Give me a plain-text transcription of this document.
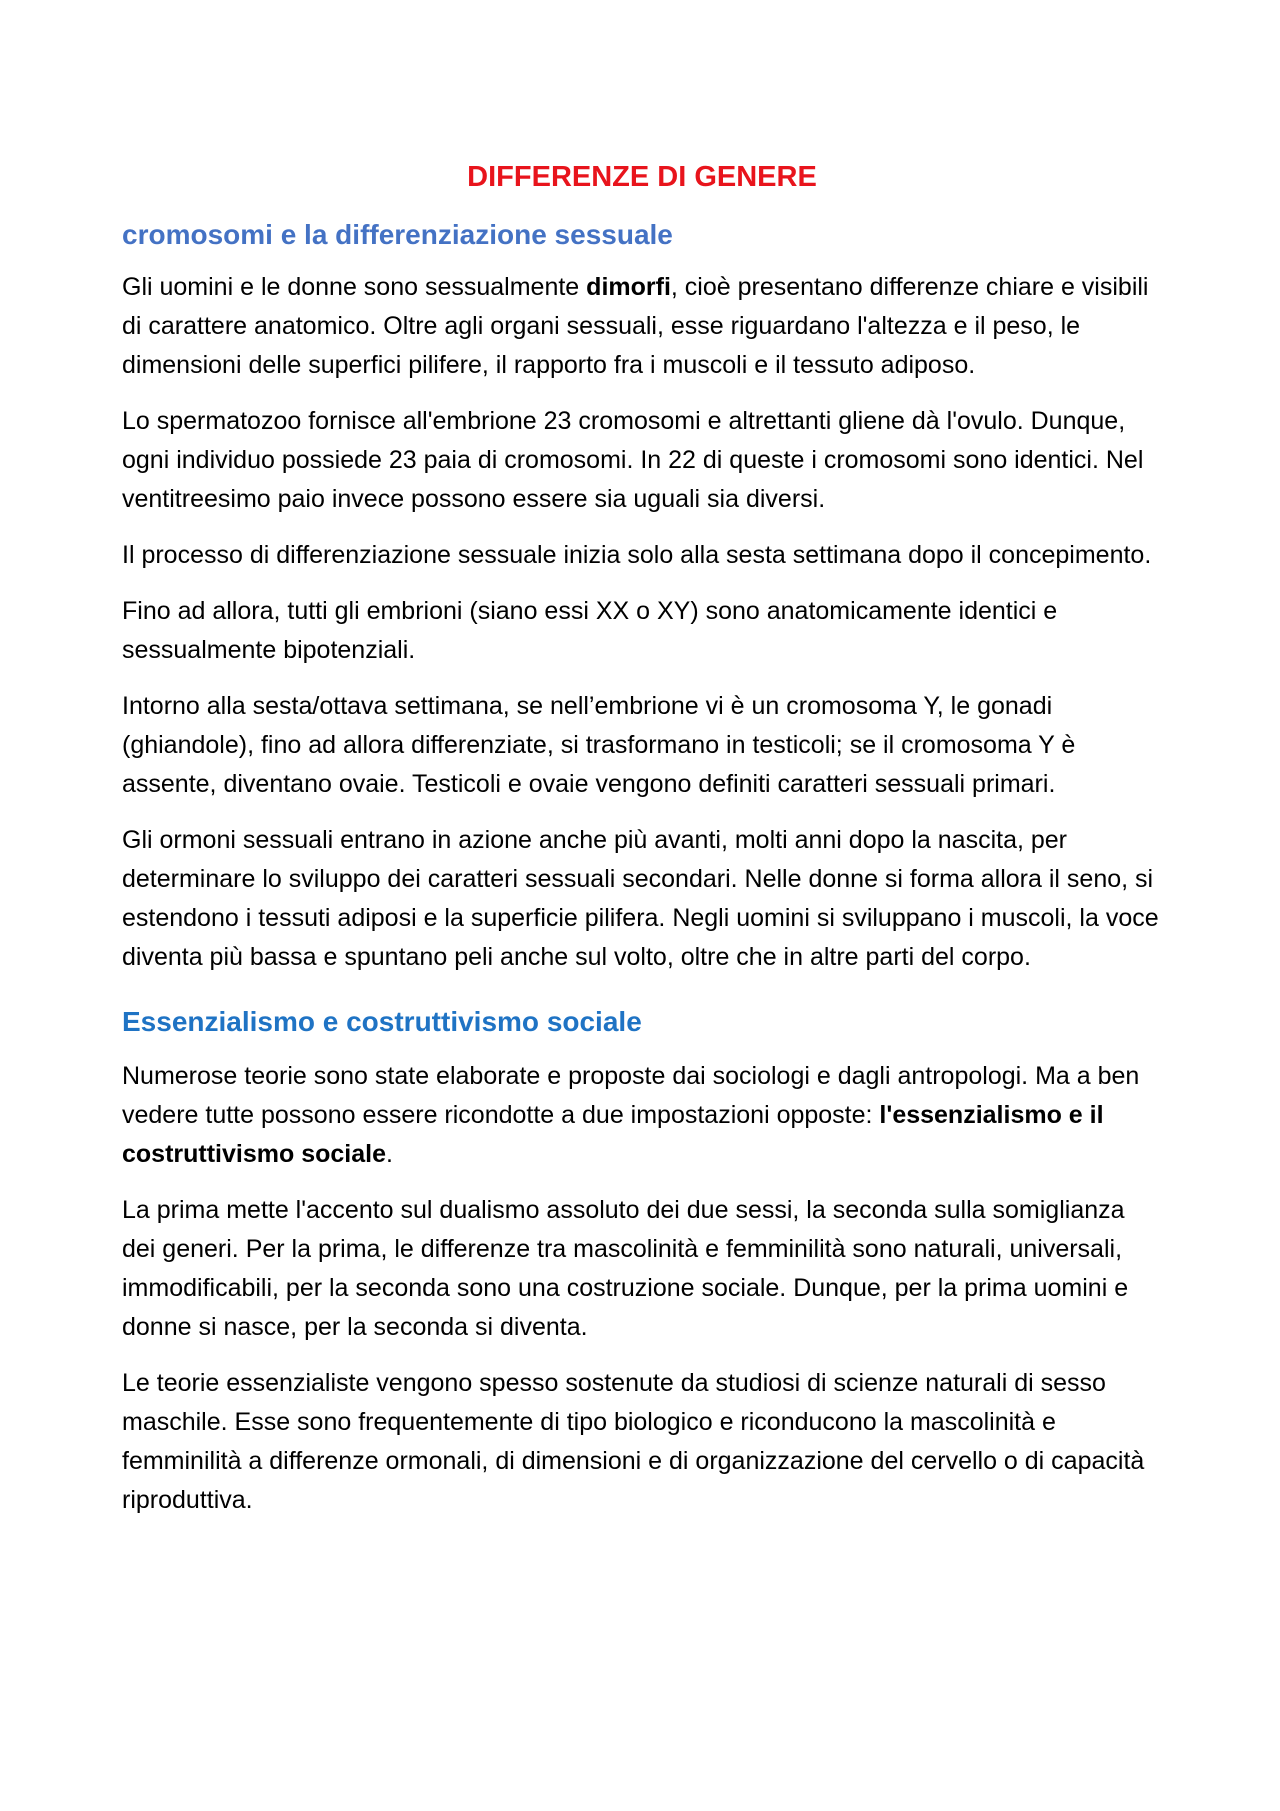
DIFFERENZE DI GENERE
cromosomi e la differenziazione sessuale

Gli uomini e le donne sono sessualmente dimorfi, cioè presentano differenze chiare e visibili di carattere anatomico. Oltre agli organi sessuali, esse riguardano l'altezza e il peso, le dimensioni delle superfici pilifere, il rapporto fra i muscoli e il tessuto adiposo.

Lo spermatozoo fornisce all'embrione 23 cromosomi e altrettanti gliene dà l'ovulo. Dunque, ogni individuo possiede 23 paia di cromosomi. In 22 di queste i cromosomi sono identici. Nel ventitreesimo paio invece possono essere sia uguali sia diversi.

Il processo di differenziazione sessuale inizia solo alla sesta settimana dopo il concepimento.

Fino ad allora, tutti gli embrioni (siano essi XX o XY) sono anatomicamente identici e sessualmente bipotenziali.

Intorno alla sesta/ottava settimana, se nell’embrione vi è un cromosoma Y, le gonadi (ghiandole), fino ad allora differenziate, si trasformano in testicoli; se il cromosoma Y è assente, diventano ovaie. Testicoli e ovaie vengono definiti caratteri sessuali primari.

Gli ormoni sessuali entrano in azione anche più avanti, molti anni dopo la nascita, per determinare lo sviluppo dei caratteri sessuali secondari. Nelle donne si forma allora il seno, si estendono i tessuti adiposi e la superficie pilifera. Negli uomini si sviluppano i muscoli, la voce diventa più bassa e spuntano peli anche sul volto, oltre che in altre parti del corpo.

Essenzialismo e costruttivismo sociale

Numerose teorie sono state elaborate e proposte dai sociologi e dagli antropologi. Ma a ben vedere tutte possono essere ricondotte a due impostazioni opposte: l'essenzialismo e il costruttivismo sociale.

La prima mette l'accento sul dualismo assoluto dei due sessi, la seconda sulla somiglianza dei generi. Per la prima, le differenze tra mascolinità e femminilità sono naturali, universali, immodificabili, per la seconda sono una costruzione sociale. Dunque, per la prima uomini e donne si nasce, per la seconda si diventa.

Le teorie essenzialiste vengono spesso sostenute da studiosi di scienze naturali di sesso maschile. Esse sono frequentemente di tipo biologico e riconducono la mascolinità e femminilità a differenze ormonali, di dimensioni e di organizzazione del cervello o di capacità riproduttiva.
